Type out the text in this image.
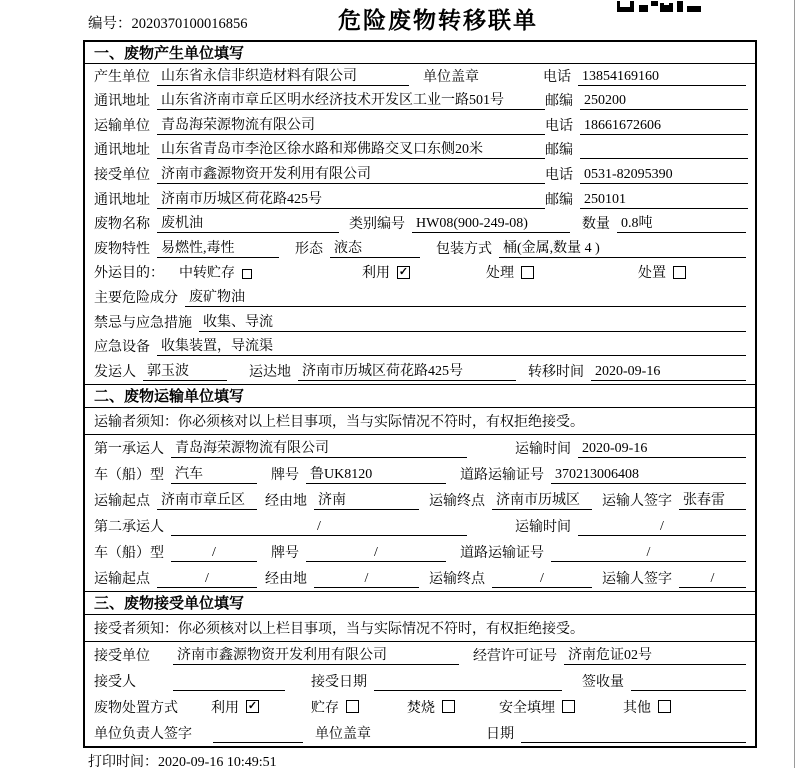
编号：2020370100016856	危险废物转移联单
一、废物产生单位填写
产生单位 山东省永信非织造材料有限公司	单位盖章	电话 13854169160
通讯地址 山东省济南市章丘区明水经济技术开发区工业一路501号	邮编 250200
运输单位 青岛海荣源物流有限公司	电话 18661672606
通讯地址 山东省青岛市李沧区徐水路和郑佛路交叉口东侧20米	邮编
接受单位 济南市鑫源物资开发利用有限公司	电话 0531-82095390
通讯地址 济南市历城区荷花路425号	邮编 250101
废物名称 废机油	类别编号 HW08(900-249-08)	数量 0.8吨
废物特性 易燃性,毒性	形态 液态	包装方式 桶(金属,数量 4 )
外运目的： 中转贮存	利用 ✓	处理	处置
主要危险成分 废矿物油
禁忌与应急措施 收集、导流
应急设备 收集装置，导流渠
发运人 郭玉波	运达地 济南市历城区荷花路425号	转移时间 2020-09-16
二、废物运输单位填写
运输者须知：你必须核对以上栏目事项，当与实际情况不符时，有权拒绝接受。
第一承运人 青岛海荣源物流有限公司	运输时间 2020-09-16
车（船）型 汽车	牌号 鲁UK8120	道路运输证号 370213006408
运输起点 济南市章丘区	经由地 济南	运输终点 济南市历城区	运输人签字 张春雷
第二承运人	/	运输时间	/
车（船）型	/	牌号	/	道路运输证号	/
运输起点	/	经由地	/	运输终点	/	运输人签字	/
三、废物接受单位填写
接受者须知：你必须核对以上栏目事项，当与实际情况不符时，有权拒绝接受。
接受单位 济南市鑫源物资开发利用有限公司	经营许可证号 济南危证02号
接受人	接受日期	签收量
废物处置方式 利用 ✓	贮存	焚烧	安全填埋	其他
单位负责人签字	单位盖章	日期
打印时间：2020-09-16 10:49:51
